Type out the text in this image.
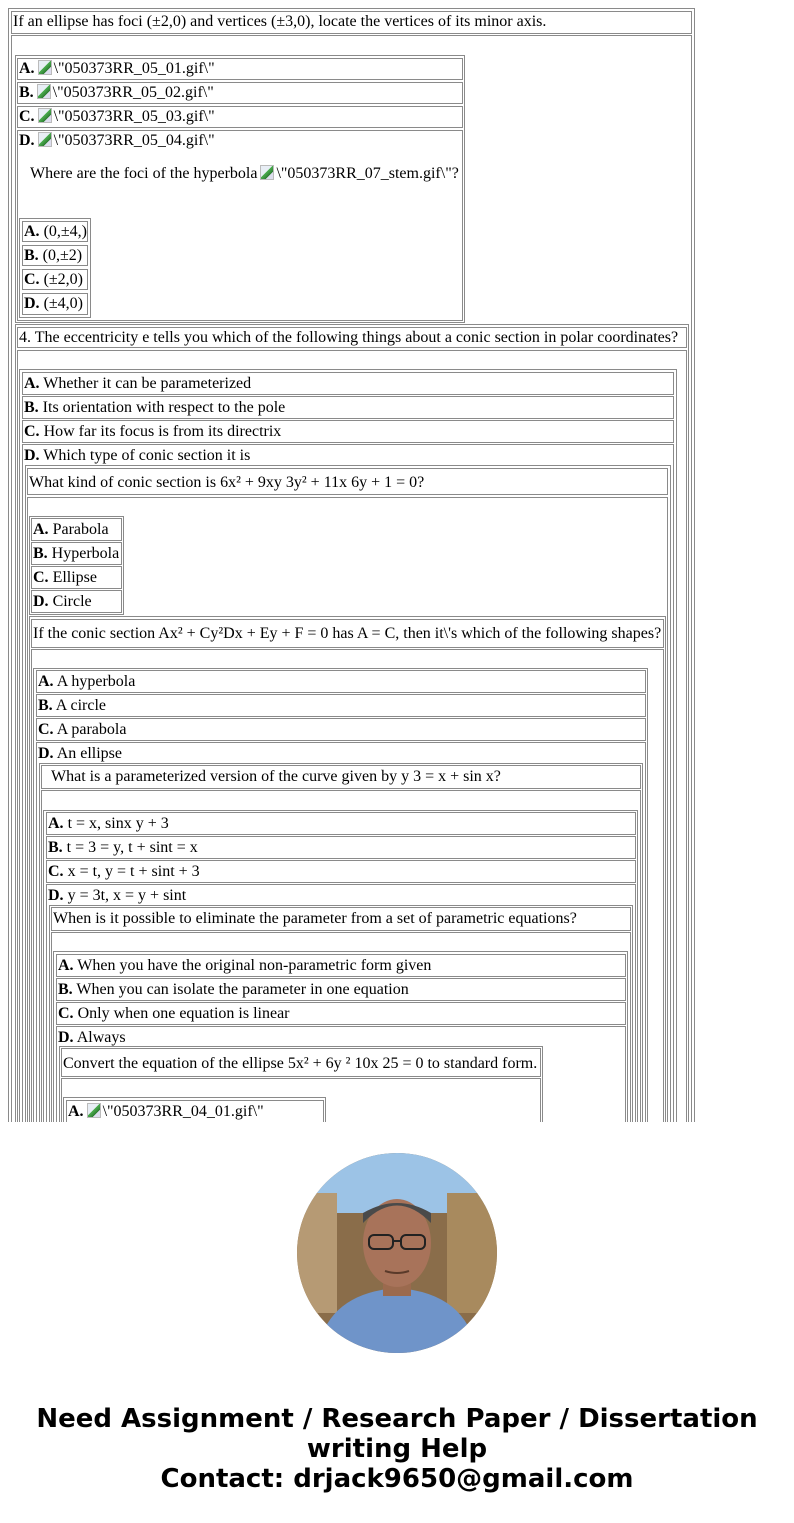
If an ellipse has foci (±2,0) and vertices (±3,0), locate the vertices of its minor axis.
A. \"050373RR_05_01.gif\"
B. \"050373RR_05_02.gif\"
C. \"050373RR_05_03.gif\"
D. \"050373RR_05_04.gif\"
Where are the foci of the hyperbola \"050373RR_07_stem.gif\"?
A. (0,±4,)
B. (0,±2)
C. (±2,0)
D. (±4,0)
4. The eccentricity e tells you which of the following things about a conic section in polar coordinates?
A. Whether it can be parameterized
B. Its orientation with respect to the pole
C. How far its focus is from its directrix
D. Which type of conic section it is
What kind of conic section is 6x² + 9xy 3y² + 11x 6y + 1 = 0?
A. Parabola
B. Hyperbola
C. Ellipse
D. Circle
If the conic section Ax² + Cy²Dx + Ey + F = 0 has A = C, then it\'s which of the following shapes?
A. A hyperbola
B. A circle
C. A parabola
D. An ellipse
What is a parameterized version of the curve given by y 3 = x + sin x?
A. t = x, sinx y + 3
B. t = 3 = y, t + sint = x
C. x = t, y = t + sint + 3
D. y = 3t, x = y + sint
When is it possible to eliminate the parameter from a set of parametric equations?
A. When you have the original non-parametric form given
B. When you can isolate the parameter in one equation
C. Only when one equation is linear
D. Always
Convert the equation of the ellipse 5x² + 6y ² 10x 25 = 0 to standard form.
A. \"050373RR_04_01.gif\"
Need Assignment / Research Paper / Dissertation
writing Help
Contact: drjack9650@gmail.com
